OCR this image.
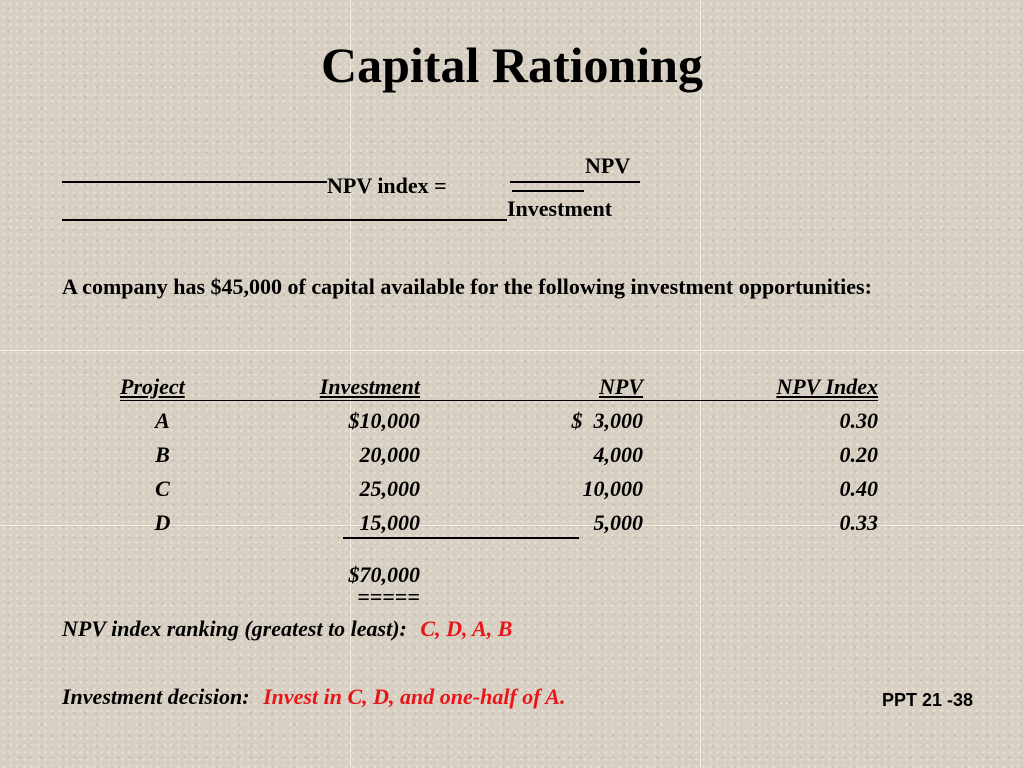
Capital Rationing
NPV index =
NPV
Investment
A company has $45,000 of capital available for the following investment opportunities:
Project	Investment	NPV	NPV Index
A	$10,000	$  3,000	0.30
B	20,000	4,000	0.20
C	25,000	10,000	0.40
D	15,000	5,000	0.33
$70,000
=====
NPV index ranking (greatest to least): C, D, A, B
Investment decision: Invest in C, D, and one-half of A.	PPT 21 -38
